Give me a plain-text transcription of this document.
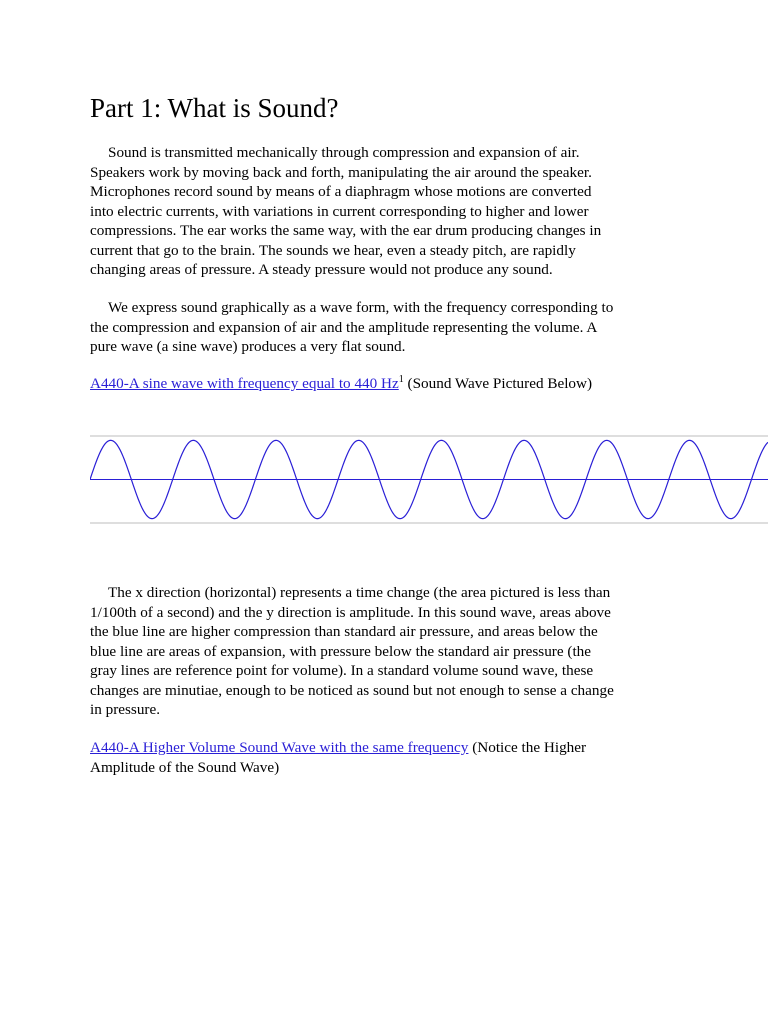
Part 1: What is Sound?

Sound is transmitted mechanically through compression and expansion of air.
Speakers work by moving back and forth, manipulating the air around the speaker.
Microphones record sound by means of a diaphragm whose motions are converted
into electric currents, with variations in current corresponding to higher and lower
compressions. The ear works the same way, with the ear drum producing changes in
current that go to the brain. The sounds we hear, even a steady pitch, are rapidly
changing areas of pressure. A steady pressure would not produce any sound.

We express sound graphically as a wave form, with the frequency corresponding to
the compression and expansion of air and the amplitude representing the volume. A
pure wave (a sine wave) produces a very flat sound.

A440-A sine wave with frequency equal to 440 Hz$^1$ (Sound Wave Pictured Below)

The x direction (horizontal) represents a time change (the area pictured is less than
1/100th of a second) and the y direction is amplitude. In this sound wave, areas above
the blue line are higher compression than standard air pressure, and areas below the
blue line are areas of expansion, with pressure below the standard air pressure (the
gray lines are reference point for volume). In a standard volume sound wave, these
changes are minutiae, enough to be noticed as sound but not enough to sense a change
in pressure.

A440-A Higher Volume Sound Wave with the same frequency (Notice the Higher
Amplitude of the Sound Wave)
